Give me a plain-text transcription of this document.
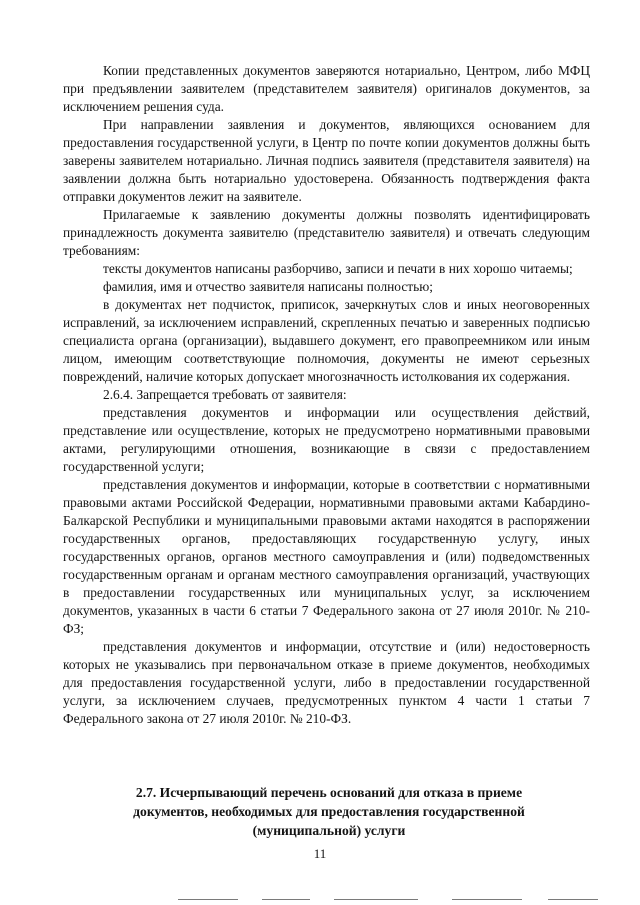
Копии представленных документов заверяются нотариально, Центром, либо МФЦ при предъявлении заявителем (представителем заявителя) оригиналов документов, за исключением решения суда.

При направлении заявления и документов, являющихся основанием для предоставления государственной услуги, в Центр по почте копии документов должны быть заверены заявителем нотариально. Личная подпись заявителя (представителя заявителя) на заявлении должна быть нотариально удостоверена. Обязанность подтверждения факта отправки документов лежит на заявителе.

Прилагаемые к заявлению документы должны позволять идентифицировать принадлежность документа заявителю (представителю заявителя) и отвечать следующим требованиям:

тексты документов написаны разборчиво, записи и печати в них хорошо читаемы;

фамилия, имя и отчество заявителя написаны полностью;

в документах нет подчисток, приписок, зачеркнутых слов и иных неоговоренных исправлений, за исключением исправлений, скрепленных печатью и заверенных подписью специалиста органа (организации), выдавшего документ, его правопреемником или иным лицом, имеющим соответствующие полномочия, документы не имеют серьезных повреждений, наличие которых допускает многозначность истолкования их содержания.

2.6.4. Запрещается требовать от заявителя:

представления документов и информации или осуществления действий, представление или осуществление, которых не предусмотрено нормативными правовыми актами, регулирующими отношения, возникающие в связи с предоставлением государственной услуги;

представления документов и информации, которые в соответствии с нормативными правовыми актами Российской Федерации, нормативными правовыми актами Кабардино-Балкарской Республики и муниципальными правовыми актами находятся в распоряжении государственных органов, предоставляющих государственную услугу, иных государственных органов, органов местного самоуправления и (или) подведомственных государственным органам и органам местного самоуправления организаций, участвующих в предоставлении государственных или муниципальных услуг, за исключением документов, указанных в части 6 статьи 7 Федерального закона от 27 июля 2010г. № 210-ФЗ;

представления документов и информации, отсутствие и (или) недостоверность которых не указывались при первоначальном отказе в приеме документов, необходимых для предоставления государственной услуги, либо в предоставлении государственной услуги, за исключением случаев, предусмотренных пунктом 4 части 1 статьи 7 Федерального закона от 27 июля 2010г. № 210-ФЗ.

2.7. Исчерпывающий перечень оснований для отказа в приеме

документов, необходимых для предоставления государственной

(муниципальной) услуги

11
